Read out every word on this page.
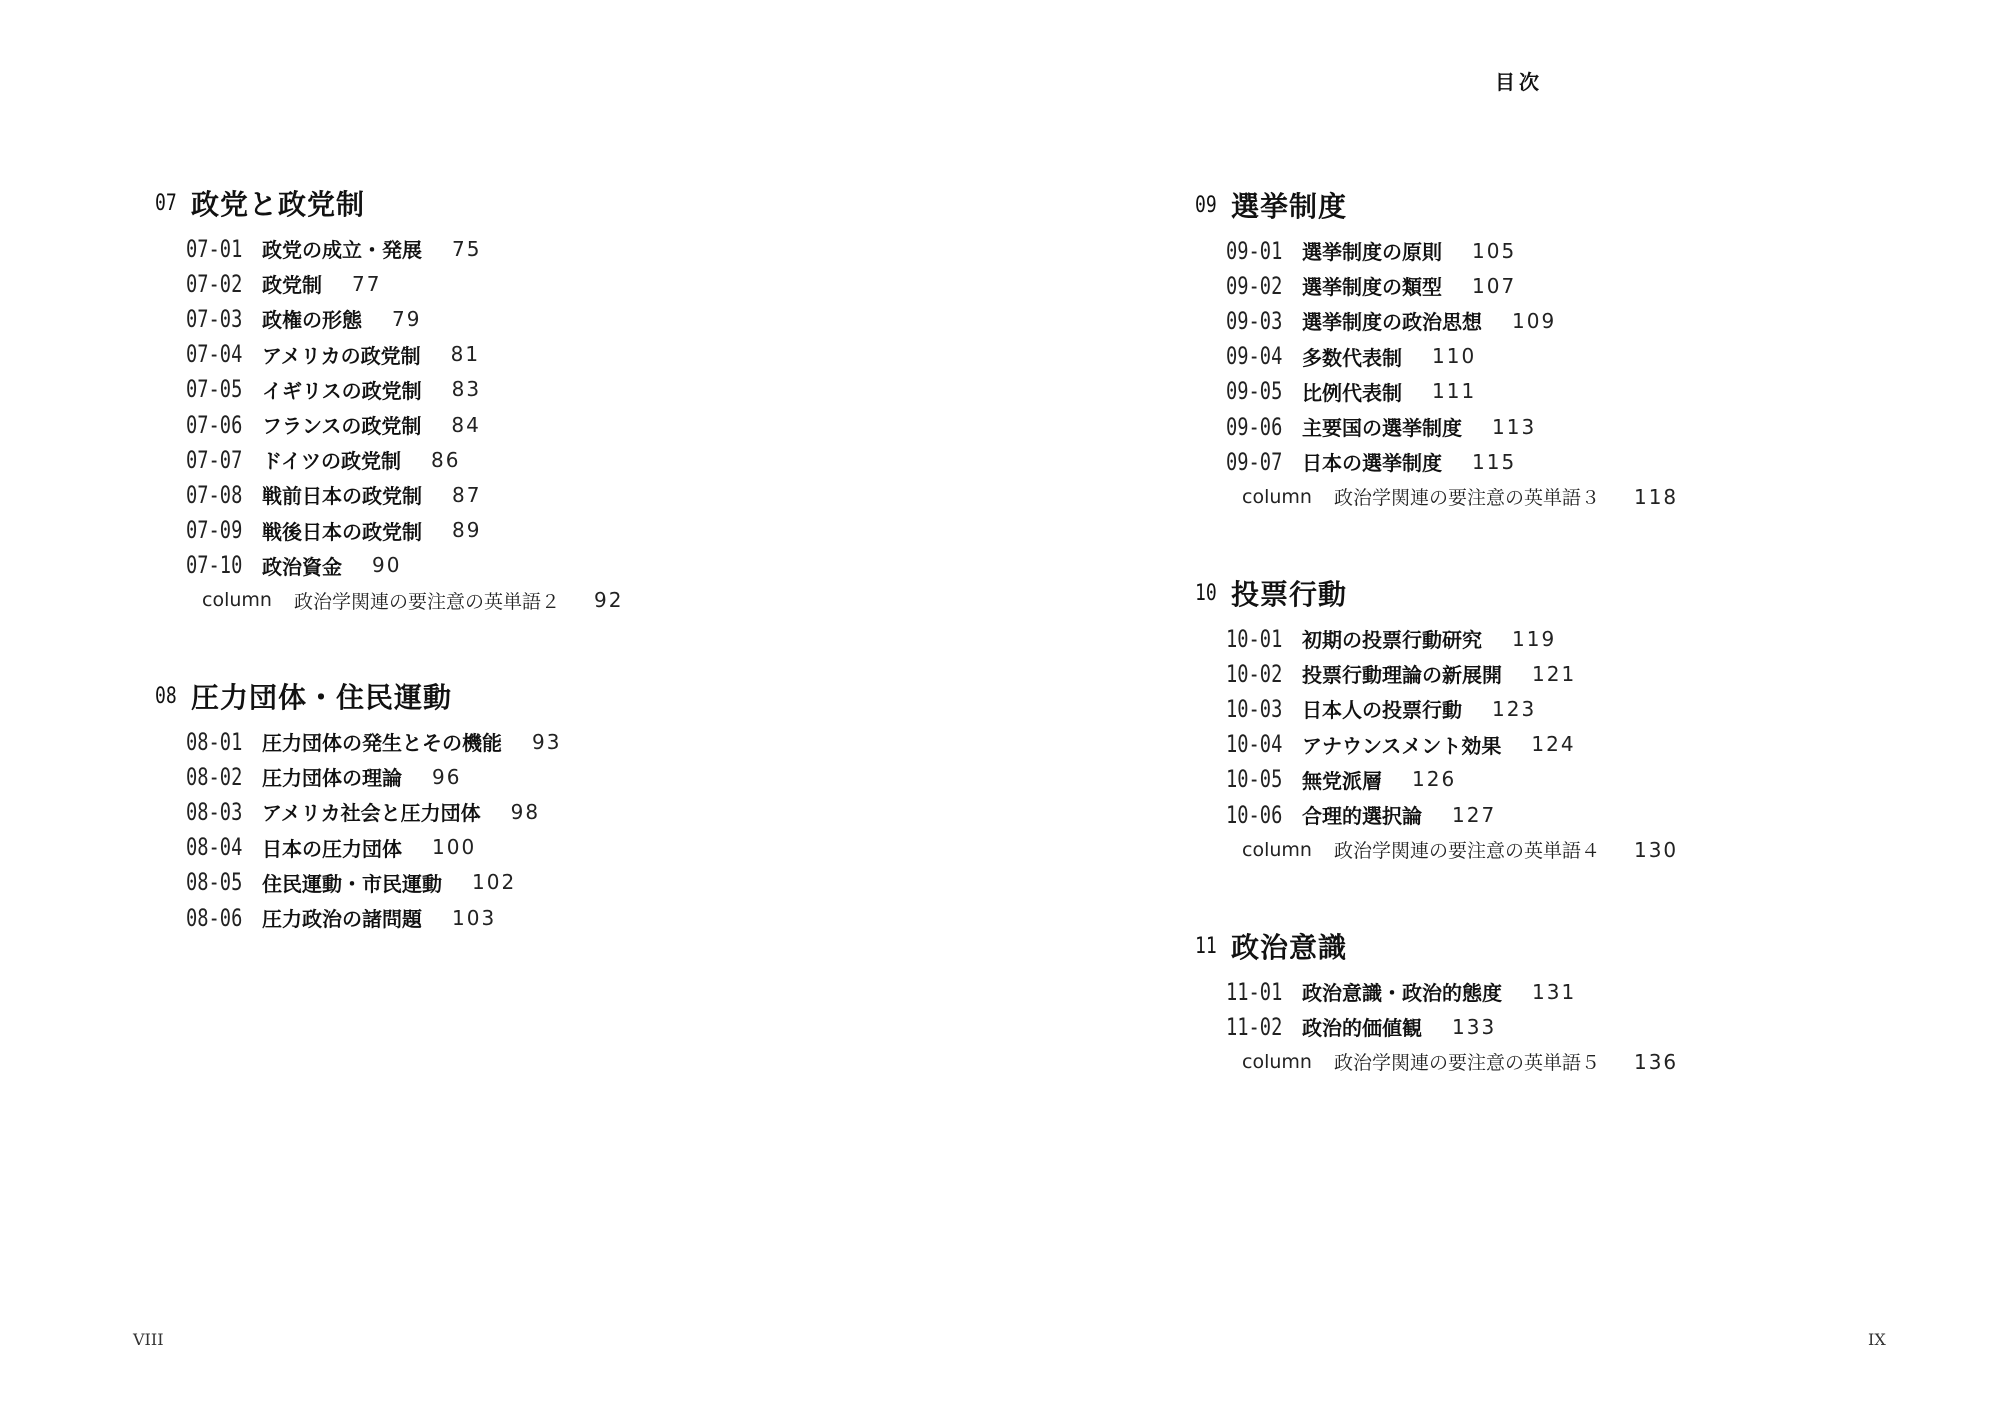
07 政党と政党制
07-01 政党の成立・発展 75
07-02 政党制 77
07-03 政権の形態 79
07-04 アメリカの政党制 81
07-05 イギリスの政党制 83
07-06 フランスの政党制 84
07-07 ドイツの政党制 86
07-08 戦前日本の政党制 87
07-09 戦後日本の政党制 89
07-10 政治資金 90
column 政治学関連の要注意の英単語２ 92
08 圧力団体・住民運動
08-01 圧力団体の発生とその機能 93
08-02 圧力団体の理論 96
08-03 アメリカ社会と圧力団体 98
08-04 日本の圧力団体 100
08-05 住民運動・市民運動 102
08-06 圧力政治の諸問題 103
VIII
目次
09 選挙制度
09-01 選挙制度の原則 105
09-02 選挙制度の類型 107
09-03 選挙制度の政治思想 109
09-04 多数代表制 110
09-05 比例代表制 111
09-06 主要国の選挙制度 113
09-07 日本の選挙制度 115
column 政治学関連の要注意の英単語３ 118
10 投票行動
10-01 初期の投票行動研究 119
10-02 投票行動理論の新展開 121
10-03 日本人の投票行動 123
10-04 アナウンスメント効果 124
10-05 無党派層 126
10-06 合理的選択論 127
column 政治学関連の要注意の英単語４ 130
11 政治意識
11-01 政治意識・政治的態度 131
11-02 政治的価値観 133
column 政治学関連の要注意の英単語５ 136
IX
